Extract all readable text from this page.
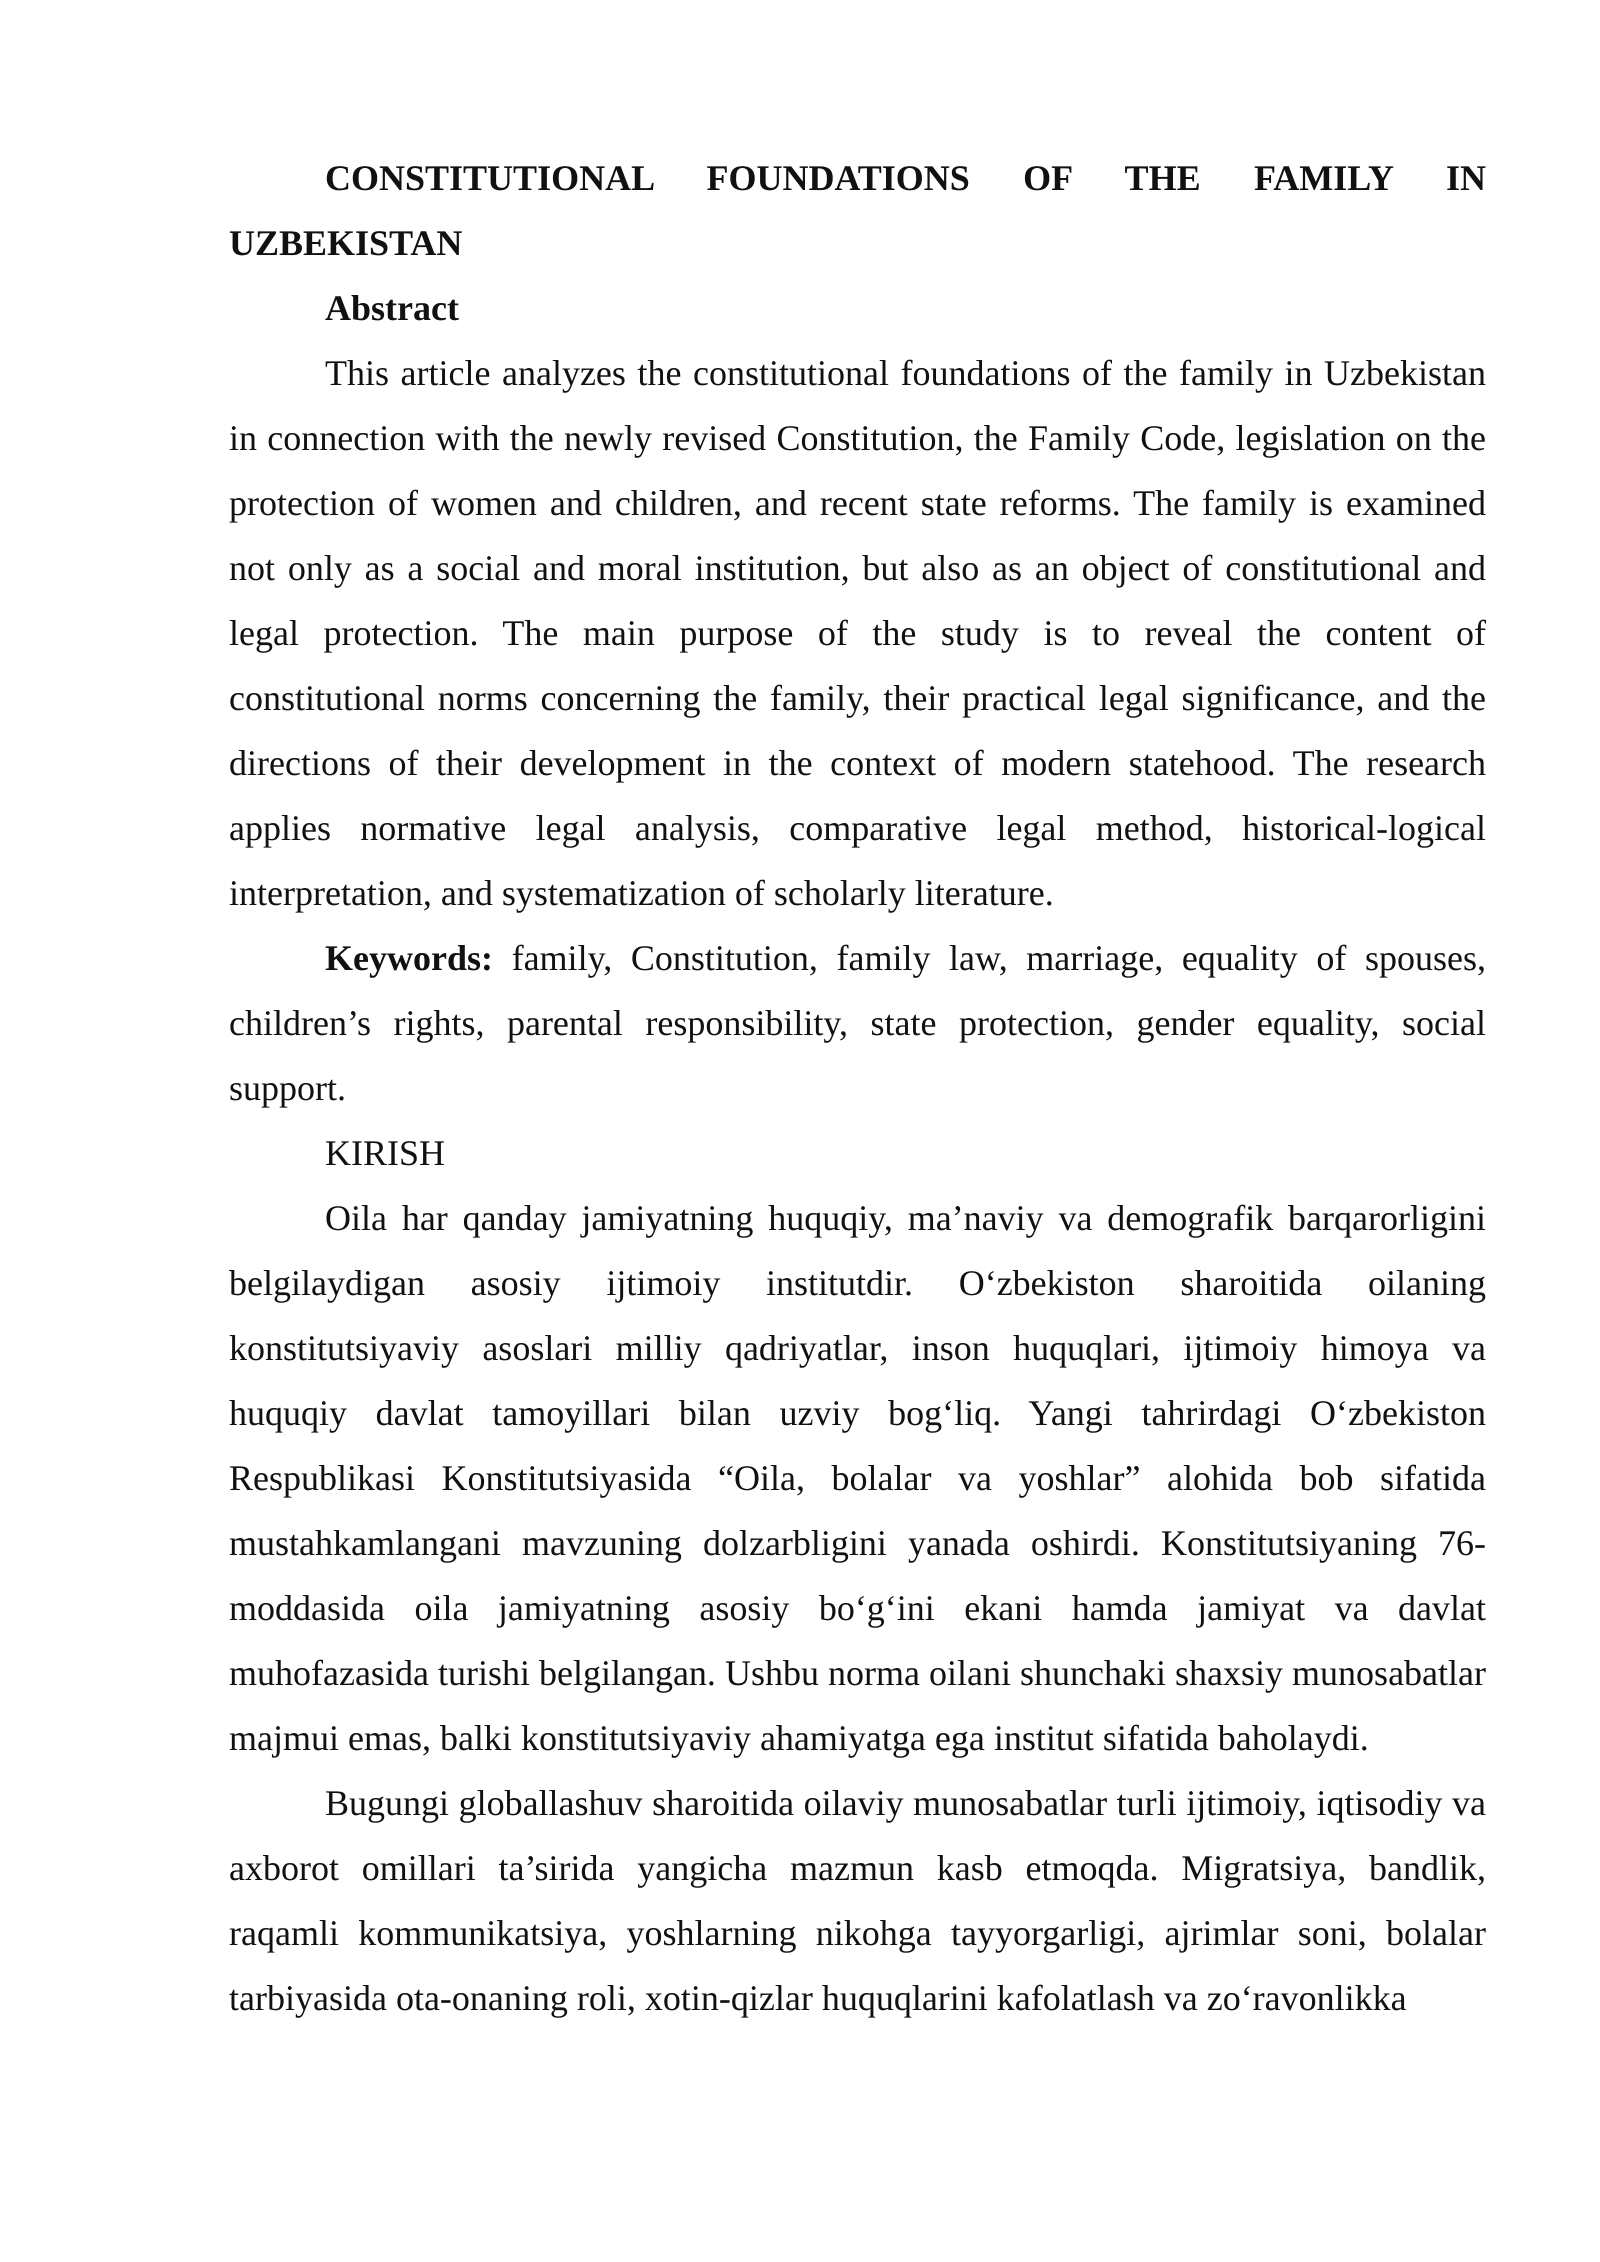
CONSTITUTIONAL FOUNDATIONS OF THE FAMILY IN UZBEKISTAN

Abstract

This article analyzes the constitutional foundations of the family in Uzbekistan in connection with the newly revised Constitution, the Family Code, legislation on the protection of women and children, and recent state reforms. The family is examined not only as a social and moral institution, but also as an object of constitutional and legal protection. The main purpose of the study is to reveal the content of constitutional norms concerning the family, their practical legal significance, and the directions of their development in the context of modern statehood. The research applies normative legal analysis, comparative legal method, historical-logical interpretation, and systematization of scholarly literature.

Keywords: family, Constitution, family law, marriage, equality of spouses, children’s rights, parental responsibility, state protection, gender equality, social support.

KIRISH

Oila har qanday jamiyatning huquqiy, ma’naviy va demografik barqarorligini belgilaydigan asosiy ijtimoiy institutdir. O‘zbekiston sharoitida oilaning konstitutsiyaviy asoslari milliy qadriyatlar, inson huquqlari, ijtimoiy himoya va huquqiy davlat tamoyillari bilan uzviy bog‘liq. Yangi tahrirdagi O‘zbekiston Respublikasi Konstitutsiyasida “Oila, bolalar va yoshlar” alohida bob sifatida mustahkamlangani mavzuning dolzarbligini yanada oshirdi. Konstitutsiyaning 76-moddasida oila jamiyatning asosiy bo‘g‘ini ekani hamda jamiyat va davlat muhofazasida turishi belgilangan. Ushbu norma oilani shunchaki shaxsiy munosabatlar majmui emas, balki konstitutsiyaviy ahamiyatga ega institut sifatida baholaydi.

Bugungi globallashuv sharoitida oilaviy munosabatlar turli ijtimoiy, iqtisodiy va axborot omillari ta’sirida yangicha mazmun kasb etmoqda. Migratsiya, bandlik, raqamli kommunikatsiya, yoshlarning nikohga tayyorgarligi, ajrimlar soni, bolalar tarbiyasida ota-onaning roli, xotin-qizlar huquqlarini kafolatlash va zo‘ravonlikka
